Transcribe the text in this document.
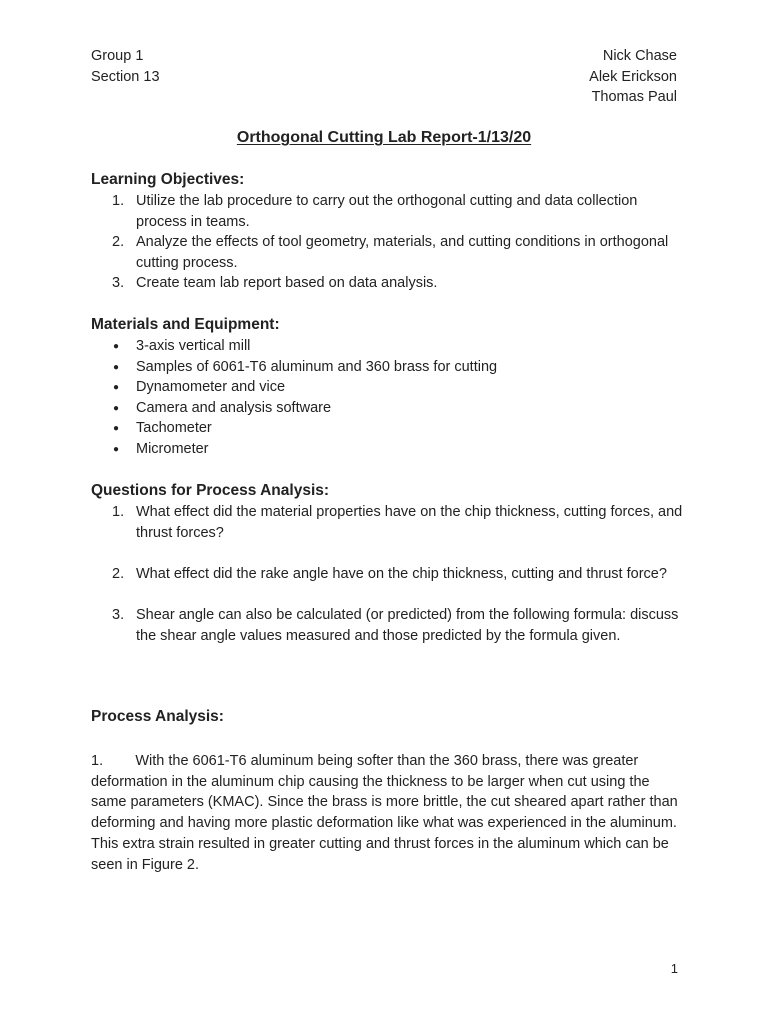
Group 1
Section 13
Nick Chase
Alek Erickson
Thomas Paul
Orthogonal Cutting Lab Report-1/13/20
Learning Objectives:
1. Utilize the lab procedure to carry out the orthogonal cutting and data collection process in teams.
2. Analyze the effects of tool geometry, materials, and cutting conditions in orthogonal cutting process.
3. Create team lab report based on data analysis.
Materials and Equipment:
● 3-axis vertical mill
● Samples of 6061-T6 aluminum and 360 brass for cutting
● Dynamometer and vice
● Camera and analysis software
● Tachometer
● Micrometer
Questions for Process Analysis:
1. What effect did the material properties have on the chip thickness, cutting forces, and thrust forces?
2. What effect did the rake angle have on the chip thickness, cutting and thrust force?
3. Shear angle can also be calculated (or predicted) from the following formula: discuss the shear angle values measured and those predicted by the formula given.
Process Analysis:

1.        With the 6061-T6 aluminum being softer than the 360 brass, there was greater deformation in the aluminum chip causing the thickness to be larger when cut using the same parameters (KMAC). Since the brass is more brittle, the cut sheared apart rather than deforming and having more plastic deformation like what was experienced in the aluminum. This extra strain resulted in greater cutting and thrust forces in the aluminum which can be seen in Figure 2.

1
